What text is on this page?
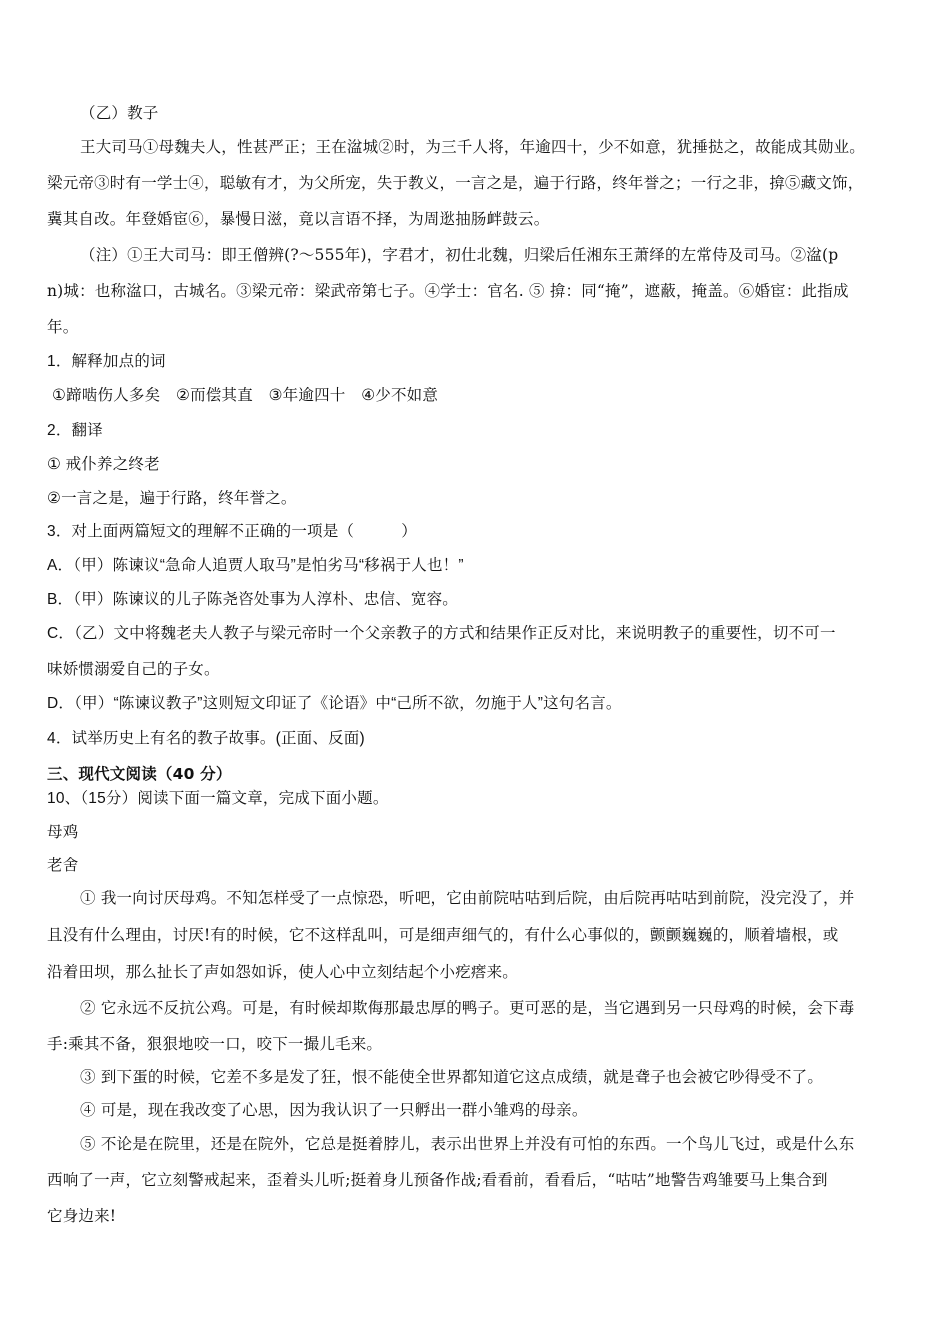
（乙）教子
王大司马①母魏夫人，性甚严正；王在湓城②时，为三千人将，年逾四十，少不如意，犹捶挞之，故能成其勋业。
梁元帝③时有一学士④，聪敏有才，为父所宠，失于教义，一言之是，遍于行路，终年誉之；一行之非，揜⑤藏文饰，
冀其自改。年登婚宦⑥，暴慢日滋，竟以言语不择，为周逖抽肠衅鼓云。
（注）①王大司马：即王僧辨(?～555年)，字君才，初仕北魏，归梁后任湘东王萧绎的左常侍及司马。②湓(p
n)城：也称湓口，古城名。③梁元帝：梁武帝第七子。④学士：官名. ⑤ 揜：同“掩”，遮蔽，掩盖。⑥婚宦：此指成
年。
1．解释加点的词
①蹄啮伤人多矣　②而偿其直　③年逾四十　④少不如意
2．翻译
① 戒仆养之终老
②一言之是，遍于行路，终年誉之。
3．对上面两篇短文的理解不正确的一项是（　　　）
A．（甲）陈谏议“急命人追贾人取马”是怕劣马“移祸于人也！”
B．（甲）陈谏议的儿子陈尧咨处事为人淳朴、忠信、宽容。
C．（乙）文中将魏老夫人教子与梁元帝时一个父亲教子的方式和结果作正反对比，来说明教子的重要性，切不可一
味娇惯溺爱自己的子女。
D．（甲）“陈谏议教子”这则短文印证了《论语》中“己所不欲，勿施于人”这句名言。
4．试举历史上有名的教子故事。(正面、反面)
三、现代文阅读（40 分）
10、（15分）阅读下面一篇文章，完成下面小题。
母鸡
老舍
① 我一向讨厌母鸡。不知怎样受了一点惊恐，听吧，它由前院咕咕到后院，由后院再咕咕到前院，没完没了，并
且没有什么理由，讨厌!有的时候，它不这样乱叫，可是细声细气的，有什么心事似的，颤颤巍巍的，顺着墙根，或
沿着田坝，那么扯长了声如怨如诉，使人心中立刻结起个小疙瘩来。
② 它永远不反抗公鸡。可是，有时候却欺侮那最忠厚的鸭子。更可恶的是，当它遇到另一只母鸡的时候，会下毒
手:乘其不备，狠狠地咬一口，咬下一撮儿毛来。
③ 到下蛋的时候，它差不多是发了狂，恨不能使全世界都知道它这点成绩，就是聋子也会被它吵得受不了。
④ 可是，现在我改变了心思，因为我认识了一只孵出一群小雏鸡的母亲。
⑤ 不论是在院里，还是在院外，它总是挺着脖儿，表示出世界上并没有可怕的东西。一个鸟儿飞过，或是什么东
西响了一声，它立刻警戒起来，歪着头儿听;挺着身儿预备作战;看看前，看看后，“咕咕”地警告鸡雏要马上集合到
它身边来!
